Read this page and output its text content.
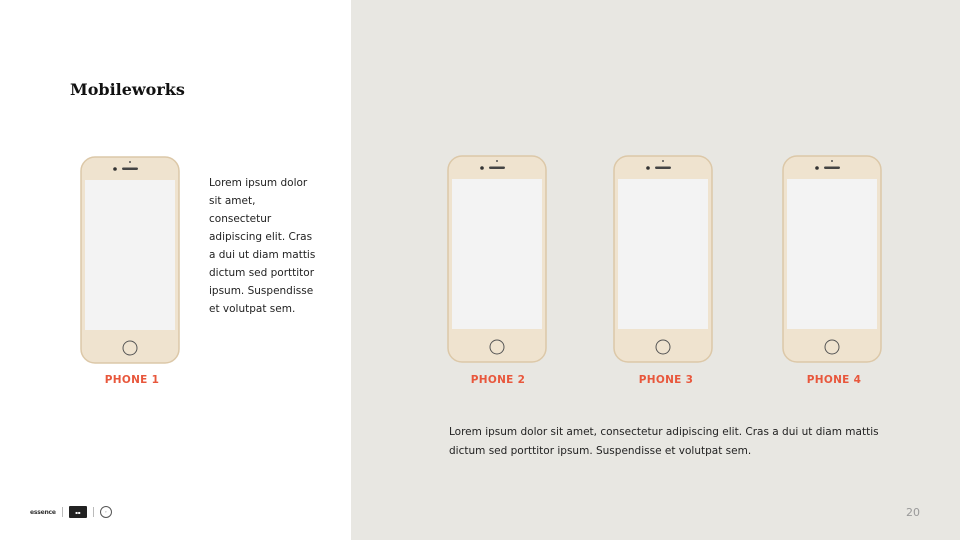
Mobileworks
PHONE 1
Lorem ipsum dolor sit amet, consectetur adipiscing elit. Cras a dui ut diam mattis dictum sed porttitor ipsum. Suspendisse et volutpat sem.
PHONE 2	PHONE 3	PHONE 4
Lorem ipsum dolor sit amet, consectetur adipiscing elit. Cras a dui ut diam mattis dictum sed porttitor ipsum. Suspendisse et volutpat sem.
essence	▪▪	◦	20
